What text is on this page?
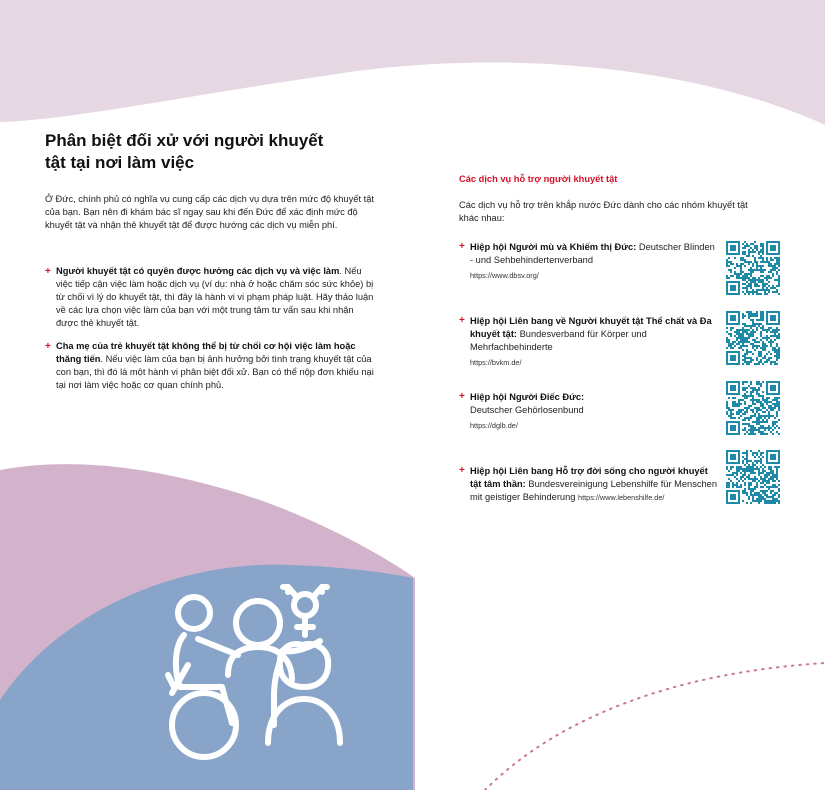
Phân biệt đối xử với người khuyết tật tại nơi làm việc

Ở Đức, chính phủ có nghĩa vụ cung cấp các dịch vụ dựa trên mức độ khuyết tật của bạn. Bạn nên đi khám bác sĩ ngay sau khi đến Đức để xác định mức độ khuyết tật và nhận thẻ khuyết tật để được hướng các dịch vụ miễn phí.

+ Người khuyết tật có quyền được hưởng các dịch vụ và việc làm. Nếu việc tiếp cận việc làm hoặc dịch vụ (ví dụ: nhà ở hoặc chăm sóc sức khỏe) bị từ chối vì lý do khuyết tật, thì đây là hành vi vi phạm pháp luật. Hãy thảo luận về các lựa chọn việc làm của bạn với một trung tâm tư vấn sau khi nhận được thẻ khuyết tật.
+ Cha mẹ của trẻ khuyết tật không thể bị từ chối cơ hội việc làm hoặc thăng tiến. Nếu việc làm của bạn bị ảnh hưởng bởi tình trạng khuyết tật của con bạn, thì đó là một hành vi phân biệt đối xử. Bạn có thể nộp đơn khiếu nại tại nơi làm việc hoặc cơ quan chính phủ.
Các dịch vụ hỗ trợ người khuyết tật

Các dịch vụ hỗ trợ trên khắp nước Đức dành cho các nhóm khuyết tật khác nhau:

+ Hiệp hội Người mù và Khiếm thị Đức: Deutscher Blinden - und Sehbehindertenverband
https://www.dbsv.org/
+ Hiệp hội Liên bang về Người khuyết tật Thể chất và Đa khuyết tật: Bundesverband für Körper und Mehrfachbehinderte
https://bvkm.de/
+ Hiệp hội Người Điếc Đức:
Deutscher Gehörlosenbund
https://dglb.de/
+ Hiệp hội Liên bang Hỗ trợ đời sống cho người khuyết tật tâm thần: Bundesvereinigung Lebenshilfe für Menschen mit geistiger Behinderung https://www.lebenshilfe.de/
